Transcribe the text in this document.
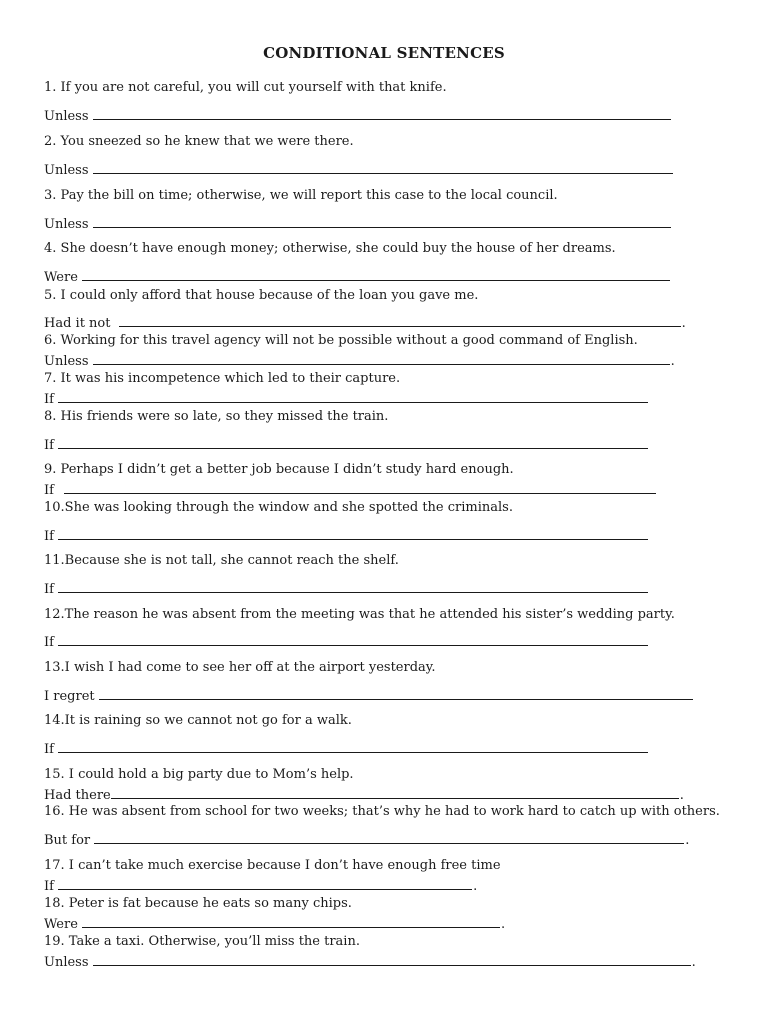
CONDITIONAL SENTENCES
1. If you are not careful, you will cut yourself with that knife.
Unless
2. You sneezed so he knew that we were there.
Unless
3. Pay the bill on time; otherwise, we will report this case to the local council.
Unless
4. She doesn’t have enough money; otherwise, she could buy the house of her dreams.
Were
5. I could only afford that house because of the loan you gave me.
Had it not	.
6. Working for this travel agency will not be possible without a good command of English.
Unless	.
7. It was his incompetence which led to their capture.
If
8. His friends were so late, so they missed the train.
If
9. Perhaps I didn’t get a better job because I didn’t study hard enough.
If
10.She was looking through the window and she spotted the criminals.
If
11.Because she is not tall, she cannot reach the shelf.
If
12.The reason he was absent from the meeting was that he attended his sister’s wedding party.
If
13.I wish I had come to see her off at the airport yesterday.
I regret
14.It is raining so we cannot not go for a walk.
If
15. I could hold a big party due to Mom’s help.
Had there	.
16. He was absent from school for two weeks; that’s why he had to work hard to catch up with others.
But for	.
17. I can’t take much exercise because I don’t have enough free time
If	.
18. Peter is fat because he eats so many chips.
Were	.
19. Take a taxi. Otherwise, you’ll miss the train.
Unless	.
